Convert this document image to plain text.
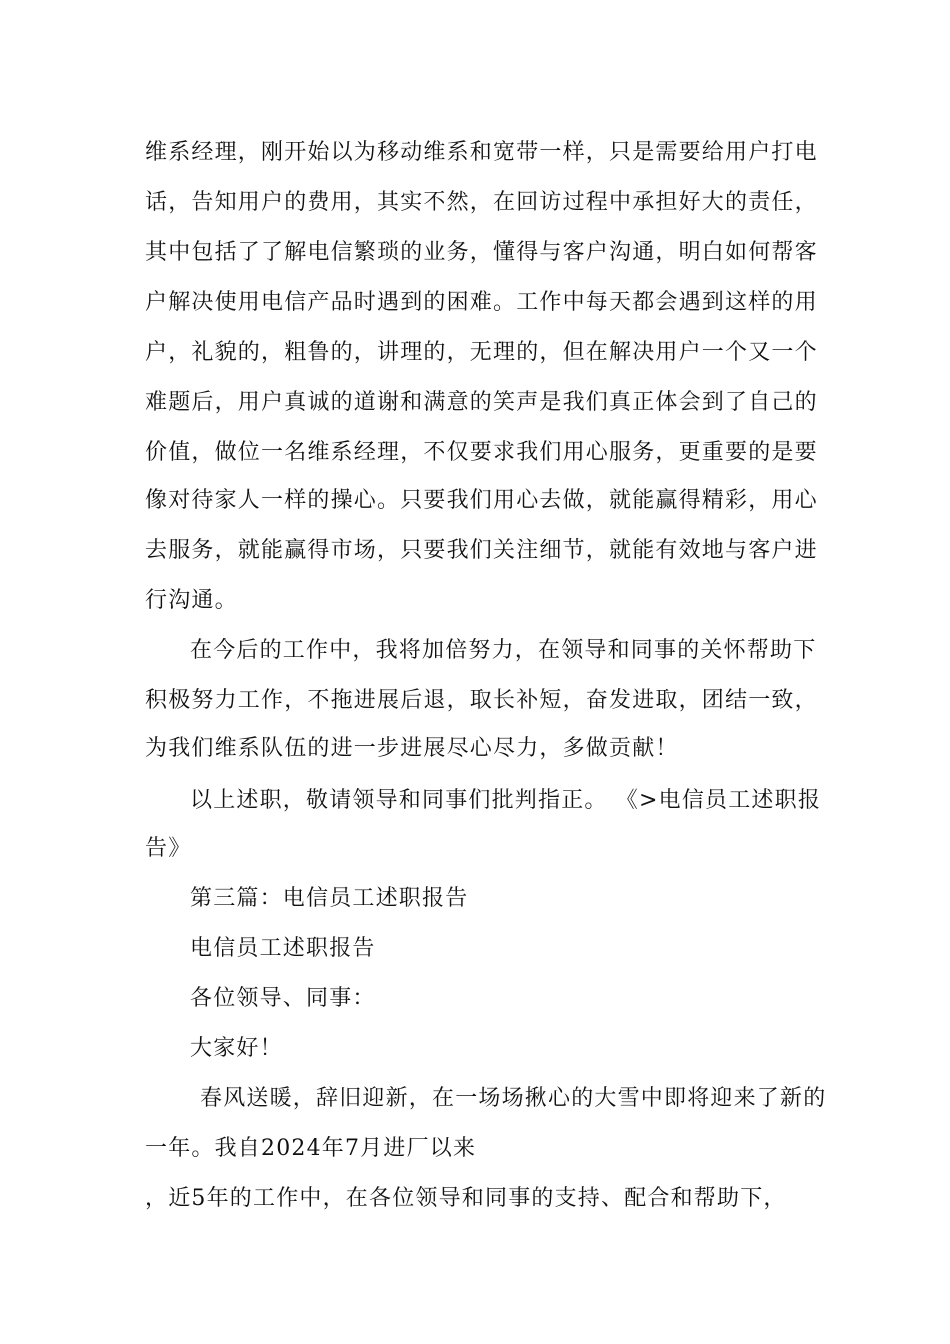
维系经理，刚开始以为移动维系和宽带一样，只是需要给用户打电
话，告知用户的费用，其实不然，在回访过程中承担好大的责任，
其中包括了了解电信繁琐的业务，懂得与客户沟通，明白如何帮客
户解决使用电信产品时遇到的困难。工作中每天都会遇到这样的用
户，礼貌的，粗鲁的，讲理的，无理的，但在解决用户一个又一个
难题后，用户真诚的道谢和满意的笑声是我们真正体会到了自己的
价值，做位一名维系经理，不仅要求我们用心服务，更重要的是要
像对待家人一样的操心。只要我们用心去做，就能赢得精彩，用心
去服务，就能赢得市场，只要我们关注细节，就能有效地与客户进
行沟通。
在今后的工作中，我将加倍努力，在领导和同事的关怀帮助下
积极努力工作，不拖进展后退，取长补短，奋发进取，团结一致，
为我们维系队伍的进一步进展尽心尽力，多做贡献！
以上述职，敬请领导和同事们批判指正。 《>电信员工述职报
告》
第三篇：电信员工述职报告
电信员工述职报告
各位领导、同事：
大家好！
春风送暖，辞旧迎新，在一场场揪心的大雪中即将迎来了新的
一年。我自2024年7月进厂以来
，近5年的工作中，在各位领导和同事的支持、配合和帮助下，
